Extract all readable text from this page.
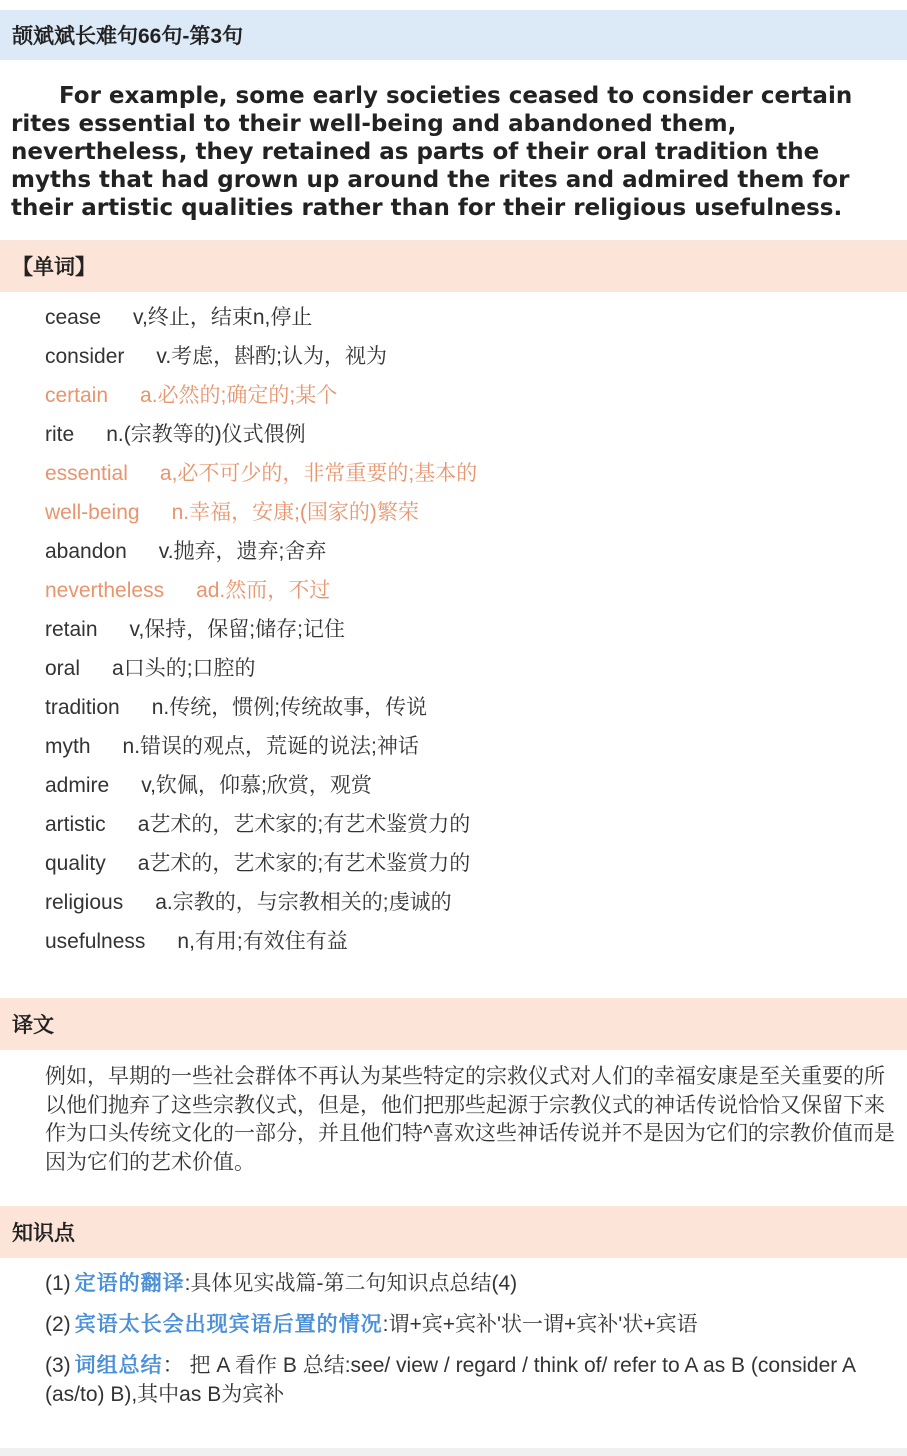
颉斌斌长难句66句-第3句
For example, some early societies ceased to consider certain rites essential to their well-being and abandoned them, nevertheless, they retained as parts of their oral tradition the myths that had grown up around the rites and admired them for their artistic qualities rather than for their religious usefulness.
【单词】
cease v,终止，结束n,停止
consider v.考虑，斟酌;认为，视为
certain a.必然的;确定的;某个
rite n.(宗教等的)仪式偎例
essential a,必不可少的，非常重要的;基本的
well-being n.幸福，安康;(国家的)繁荣
abandon v.抛弃，遗弃;舍弃
nevertheless ad.然而，不过
retain v,保持，保留;储存;记住
oral a口头的;口腔的
tradition n.传统，惯例;传统故事，传说
myth n.错误的观点，荒诞的说法;神话
admire v,钦佩，仰慕;欣赏，观赏
artistic a艺术的，艺术家的;有艺术鉴赏力的
quality a艺术的，艺术家的;有艺术鉴赏力的
religious a.宗教的，与宗教相关的;虔诚的
usefulness n,有用;有效住有益
译文
例如，早期的一些社会群体不再认为某些特定的宗救仪式对人们的幸福安康是至关重要的所以他们抛弃了这些宗教仪式，但是，他们把那些起源于宗教仪式的神话传说恰恰又保留下来作为口头传统文化的一部分，并且他们特^喜欢这些神话传说并不是因为它们的宗教价值而是因为它们的艺术价值。
知识点
(1) 定语的翻译:具体见实战篇-第二句知识点总结(4)
(2) 宾语太长会出现宾语后置的情况:谓+宾+宾补'状一谓+宾补'状+宾语
(3) 词组总结： 把 A 看作 B 总结:see/ view / regard / think of/ refer to A as B (consider A (as/to) B),其中as B为宾补
